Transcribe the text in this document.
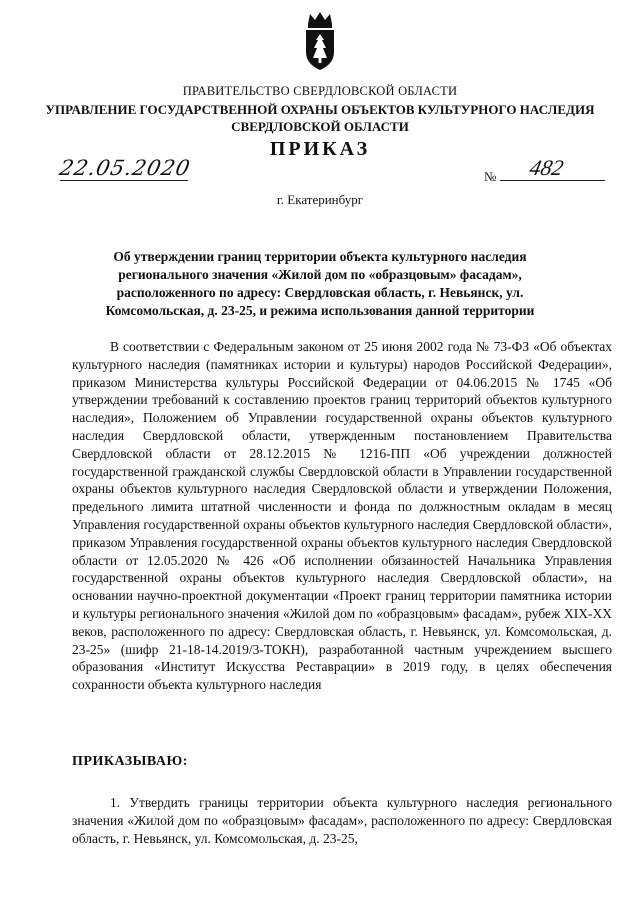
ПРАВИТЕЛЬСТВО СВЕРДЛОВСКОЙ ОБЛАСТИ
УПРАВЛЕНИЕ ГОСУДАРСТВЕННОЙ ОХРАНЫ ОБЪЕКТОВ КУЛЬТУРНОГО НАСЛЕДИЯ СВЕРДЛОВСКОЙ ОБЛАСТИ
ПРИКАЗ
22.05.2020	№ 482
г. Екатеринбург
Об утверждении границ территории объекта культурного наследия регионального значения «Жилой дом по «образцовым» фасадам», расположенного по адресу: Свердловская область, г. Невьянск, ул. Комсомольская, д. 23-25, и режима использования данной территории

В соответствии с Федеральным законом от 25 июня 2002 года № 73-ФЗ «Об объектах культурного наследия (памятниках истории и культуры) народов Российской Федерации», приказом Министерства культуры Российской Федерации от 04.06.2015 № 1745 «Об утверждении требований к составлению проектов границ территорий объектов культурного наследия», Положением об Управлении государственной охраны объектов культурного наследия Свердловской области, утвержденным постановлением Правительства Свердловской области от 28.12.2015 № 1216-ПП «Об учреждении должностей государственной гражданской службы Свердловской области в Управлении государственной охраны объектов культурного наследия Свердловской области и утверждении Положения, предельного лимита штатной численности и фонда по должностным окладам в месяц Управления государственной охраны объектов культурного наследия Свердловской области», приказом Управления государственной охраны объектов культурного наследия Свердловской области от 12.05.2020 № 426 «Об исполнении обязанностей Начальника Управления государственной охраны объектов культурного наследия Свердловской области», на основании научно-проектной документации «Проект границ территории памятника истории и культуры регионального значения «Жилой дом по «образцовым» фасадам», рубеж XIX-XX веков, расположенного по адресу: Свердловская область, г. Невьянск, ул. Комсомольская, д. 23-25» (шифр 21-18-14.2019/3-ТОКН), разработанной частным учреждением высшего образования «Институт Искусства Реставрации» в 2019 году, в целях обеспечения сохранности объекта культурного наследия

ПРИКАЗЫВАЮ:

1. Утвердить границы территории объекта культурного наследия регионального значения «Жилой дом по «образцовым» фасадам», расположенного по адресу: Свердловская область, г. Невьянск, ул. Комсомольская, д. 23-25,
